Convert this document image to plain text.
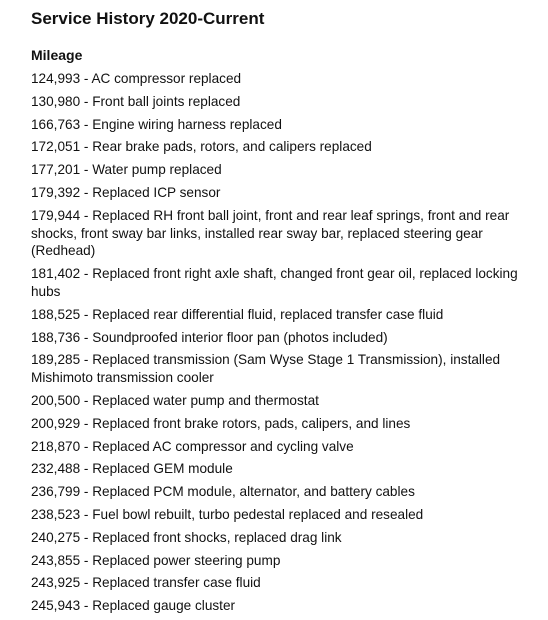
Service History 2020-Current
Mileage
124,993 - AC compressor replaced
130,980 - Front ball joints replaced
166,763 - Engine wiring harness replaced
172,051 - Rear brake pads, rotors, and calipers replaced
177,201 - Water pump replaced
179,392 - Replaced ICP sensor
179,944 - Replaced RH front ball joint, front and rear leaf springs, front and rear shocks, front sway bar links, installed rear sway bar, replaced steering gear (Redhead)
181,402 - Replaced front right axle shaft, changed front gear oil, replaced locking hubs
188,525 - Replaced rear differential fluid, replaced transfer case fluid
188,736 - Soundproofed interior floor pan (photos included)
189,285 - Replaced transmission (Sam Wyse Stage 1 Transmission), installed Mishimoto transmission cooler
200,500 - Replaced water pump and thermostat
200,929 - Replaced front brake rotors, pads, calipers, and lines
218,870 - Replaced AC compressor and cycling valve
232,488 - Replaced GEM module
236,799 - Replaced PCM module, alternator, and battery cables
238,523 - Fuel bowl rebuilt, turbo pedestal replaced and resealed
240,275 - Replaced front shocks, replaced drag link
243,855 - Replaced power steering pump
243,925 - Replaced transfer case fluid
245,943 - Replaced gauge cluster
